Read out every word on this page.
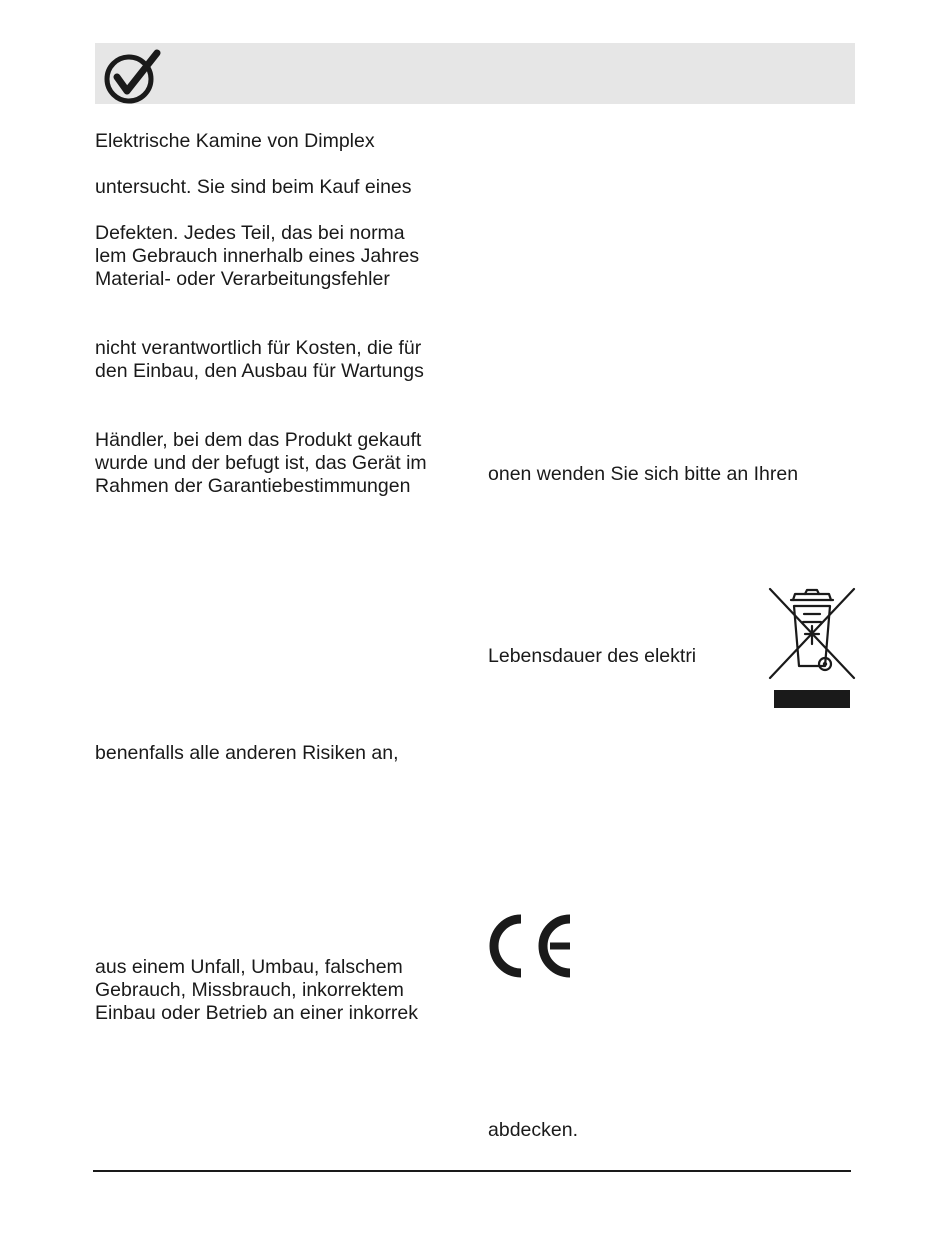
Elektrische Kamine von Dimplex
untersucht. Sie sind beim Kauf eines
Defekten. Jedes Teil, das bei norma
lem Gebrauch innerhalb eines Jahres
Material- oder Verarbeitungsfehler
nicht verantwortlich für Kosten, die für
den Einbau, den Ausbau für Wartungs
Händler, bei dem das Produkt gekauft
wurde und der befugt ist, das Gerät im
Rahmen der Garantiebestimmungen
benenfalls alle anderen Risiken an,
aus einem Unfall, Umbau, falschem
Gebrauch, Missbrauch, inkorrektem
Einbau oder Betrieb an einer inkorrek
onen wenden Sie sich bitte an Ihren
Lebensdauer des elektri
abdecken.
